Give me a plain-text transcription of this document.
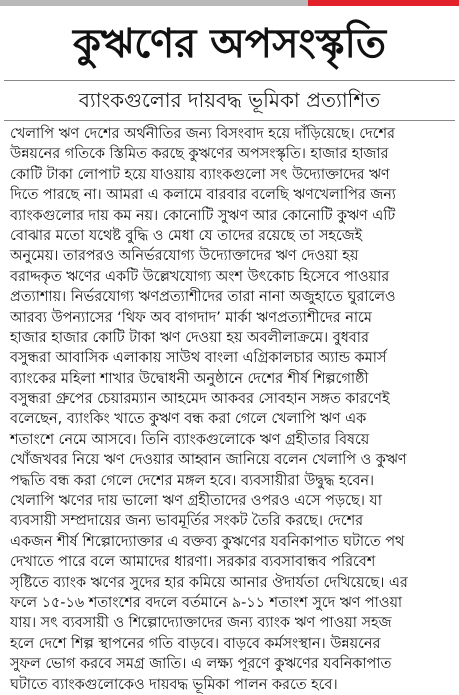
কুঋণের অপসংস্কৃতি
ব্যাংকগুলোর দায়বদ্ধ ভূমিকা প্রত্যাশিত
খেলাপি ঋণ দেশের অর্থনীতির জন্য বিসংবাদ হয়ে দাঁড়িয়েছে। দেশের
উন্নয়নের গতিকে স্তিমিত করছে কুঋণের অপসংস্কৃতি। হাজার হাজার
কোটি টাকা লোপাট হয়ে যাওয়ায় ব্যাংকগুলো সৎ উদ্যোক্তাদের ঋণ
দিতে পারছে না। আমরা এ কলামে বারবার বলেছি ঋণখেলাপির জন্য
ব্যাংকগুলোর দায় কম নয়। কোনোটি সুঋণ আর কোনোটি কুঋণ এটি
বোঝার মতো যথেষ্ট বুদ্ধি ও মেধা যে তাদের রয়েছে তা সহজেই
অনুমেয়। তারপরও অনির্ভরযোগ্য উদ্যোক্তাদের ঋণ দেওয়া হয়
বরাদ্দকৃত ঋণের একটি উল্লেখযোগ্য অংশ উৎকোচ হিসেবে পাওয়ার
প্রত্যাশায়। নির্ভরযোগ্য ঋণপ্রত্যাশীদের তারা নানা অজুহাতে ঘুরালেও
আরব্য উপন্যাসের ‘থিফ অব বাগদাদ’ মার্কা ঋণপ্রত্যাশীদের নামে
হাজার হাজার কোটি টাকা ঋণ দেওয়া হয় অবলীলাক্রমে। বুধবার
বসুন্ধরা আবাসিক এলাকায় সাউথ বাংলা এগ্রিকালচার অ্যান্ড কমার্স
ব্যাংকের মহিলা শাখার উদ্বোধনী অনুষ্ঠানে দেশের শীর্ষ শিল্পগোষ্ঠী
বসুন্ধরা গ্রুপের চেয়ারম্যান আহমেদ আকবর সোবহান সঙ্গত কারণেই
বলেছেন, ব্যাংকিং খাতে কুঋণ বন্ধ করা গেলে খেলাপি ঋণ এক
শতাংশে নেমে আসবে। তিনি ব্যাংকগুলোকে ঋণ গ্রহীতার বিষয়ে
খোঁজখবর নিয়ে ঋণ দেওয়ার আহ্বান জানিয়ে বলেন খেলাপি ও কুঋণ
পদ্ধতি বন্ধ করা গেলে দেশের মঙ্গল হবে। ব্যবসায়ীরা উদ্বুদ্ধ হবেন।
খেলাপি ঋণের দায় ভালো ঋণ গ্রহীতাদের ওপরও এসে পড়ছে। যা
ব্যবসায়ী সম্প্রদায়ের জন্য ভাবমূর্তির সংকট তৈরি করছে। দেশের
একজন শীর্ষ শিল্পোদ্যোক্তার এ বক্তব্য কুঋণের যবনিকাপাত ঘটাতে পথ
দেখাতে পারে বলে আমাদের ধারণা। সরকার ব্যবসাবান্ধব পরিবেশ
সৃষ্টিতে ব্যাংক ঋণের সুদের হার কমিয়ে আনার ঔদার্যতা দেখিয়েছে। এর
ফলে ১৫-১৬ শতাংশের বদলে বর্তমানে ৯-১১ শতাংশ সুদে ঋণ পাওয়া
যায়। সৎ ব্যবসায়ী ও শিল্পোদ্যোক্তাদের জন্য ব্যাংক ঋণ পাওয়া সহজ
হলে দেশে শিল্প স্থাপনের গতি বাড়বে। বাড়বে কর্মসংস্থান। উন্নয়নের
সুফল ভোগ করবে সমগ্র জাতি। এ লক্ষ্য পূরণে কুঋণের যবনিকাপাত
ঘটাতে ব্যাংকগুলোকেও দায়বদ্ধ ভূমিকা পালন করতে হবে।
